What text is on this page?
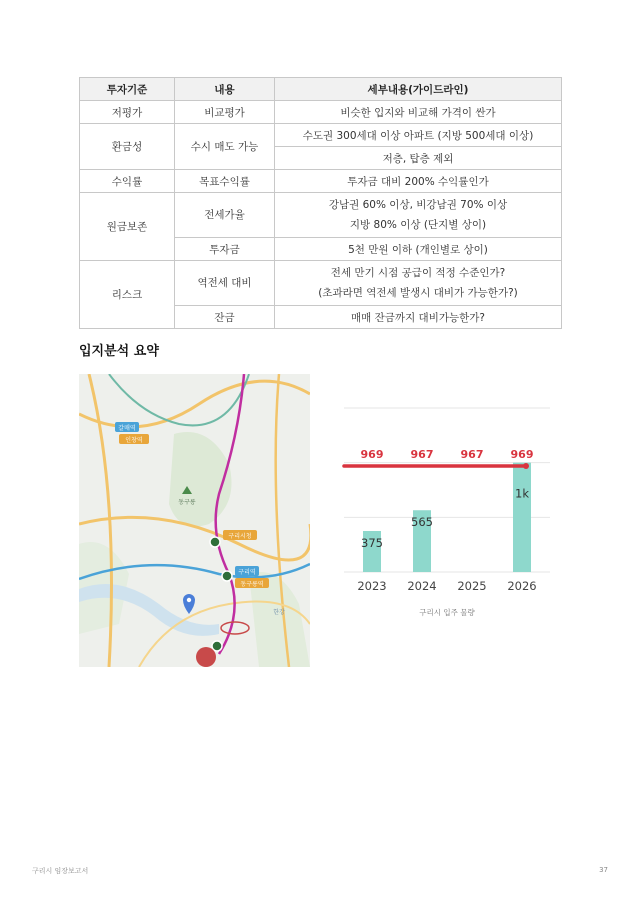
투자기준	내용	세부내용(가이드라인)
저평가	비교평가	비슷한 입지와 비교해 가격이 싼가
환금성	수시 매도 가능	수도권 300세대 이상 아파트 (지방 500세대 이상)
		저층, 탑층 제외
수익률	목표수익률	투자금 대비 200% 수익률인가
원금보존	전세가율	강남권 60% 이상, 비강남권 70% 이상
지방 80% 이상 (단지별 상이)

	투자금	5천 만원 이하 (개인별로 상이)
리스크	역전세 대비	전세 만기 시점 공급이 적정 수준인가?
(초과라면 역전세 발생시 대비가 가능한가?)

	잔금	매매 잔금까지 대비가능한가?
입지분석 요약
구리시청
구리역
동구릉역
갈매역
인창역
동구릉
한강
969 967 967 969
375
565
1k
2023 2024 2025 2026
구리시 입주 물량
구리시 임장보고서	37
